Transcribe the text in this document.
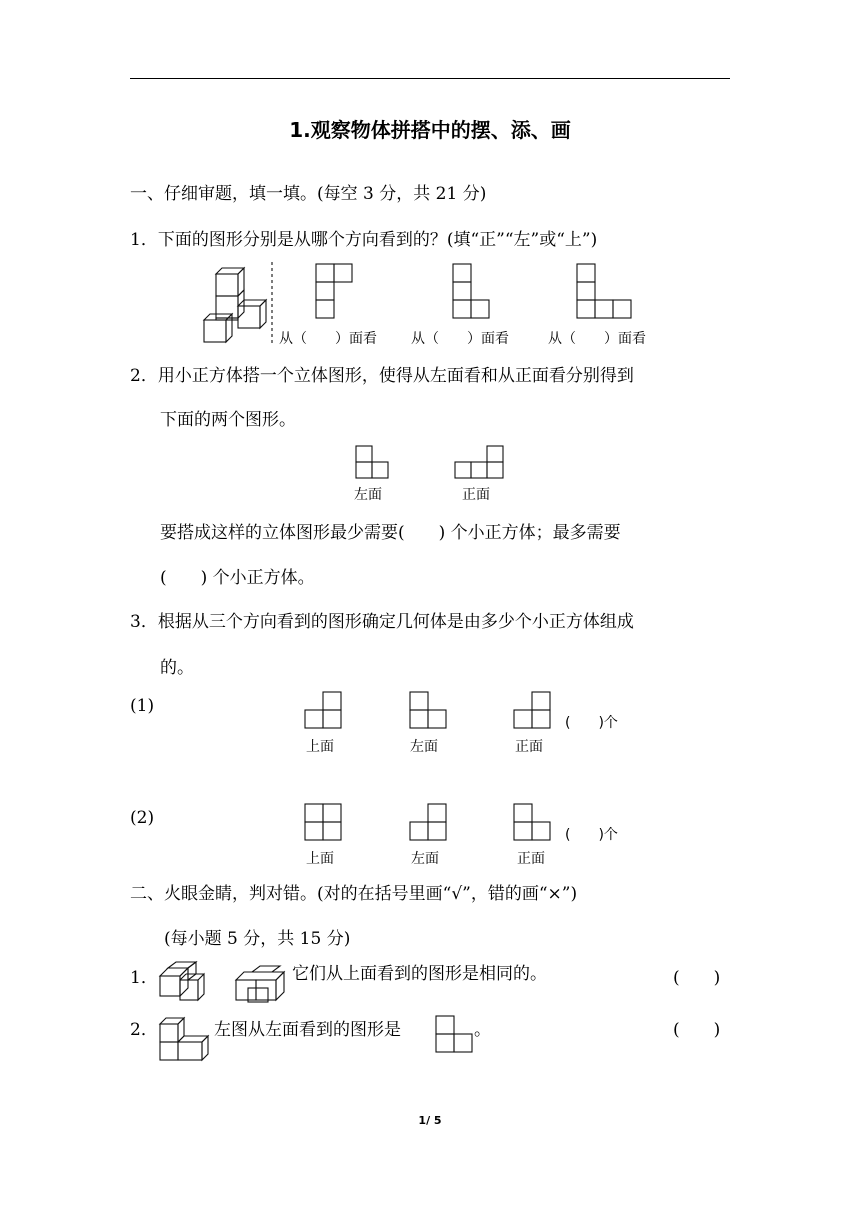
1.观察物体拼搭中的摆、添、画
一、仔细审题，填一填。(每空 3 分，共 21 分)
1．下面的图形分别是从哪个方向看到的？(填“正”“左”或“上”)
从（　　）面看 从（　　）面看	从（　　）面看
2．用小正方体搭一个立体图形，使得从左面看和从正面看分别得到
下面的两个图形。
左面	正面
要搭成这样的立体图形最少需要(　　) 个小正方体；最多需要
(　　) 个小正方体。
3．根据从三个方向看到的图形确定几何体是由多少个小正方体组成
的。
(1)
上面	左面	正面
(　　)个
(2)
上面	左面	正面
(　　)个
二、火眼金睛，判对错。(对的在括号里画“√”，错的画“×”)
(每小题 5 分，共 15 分)
1．	它们从上面看到的图形是相同的。	(　　)
2．	左图从左面看到的图形是	。	(　　)
1/ 5
